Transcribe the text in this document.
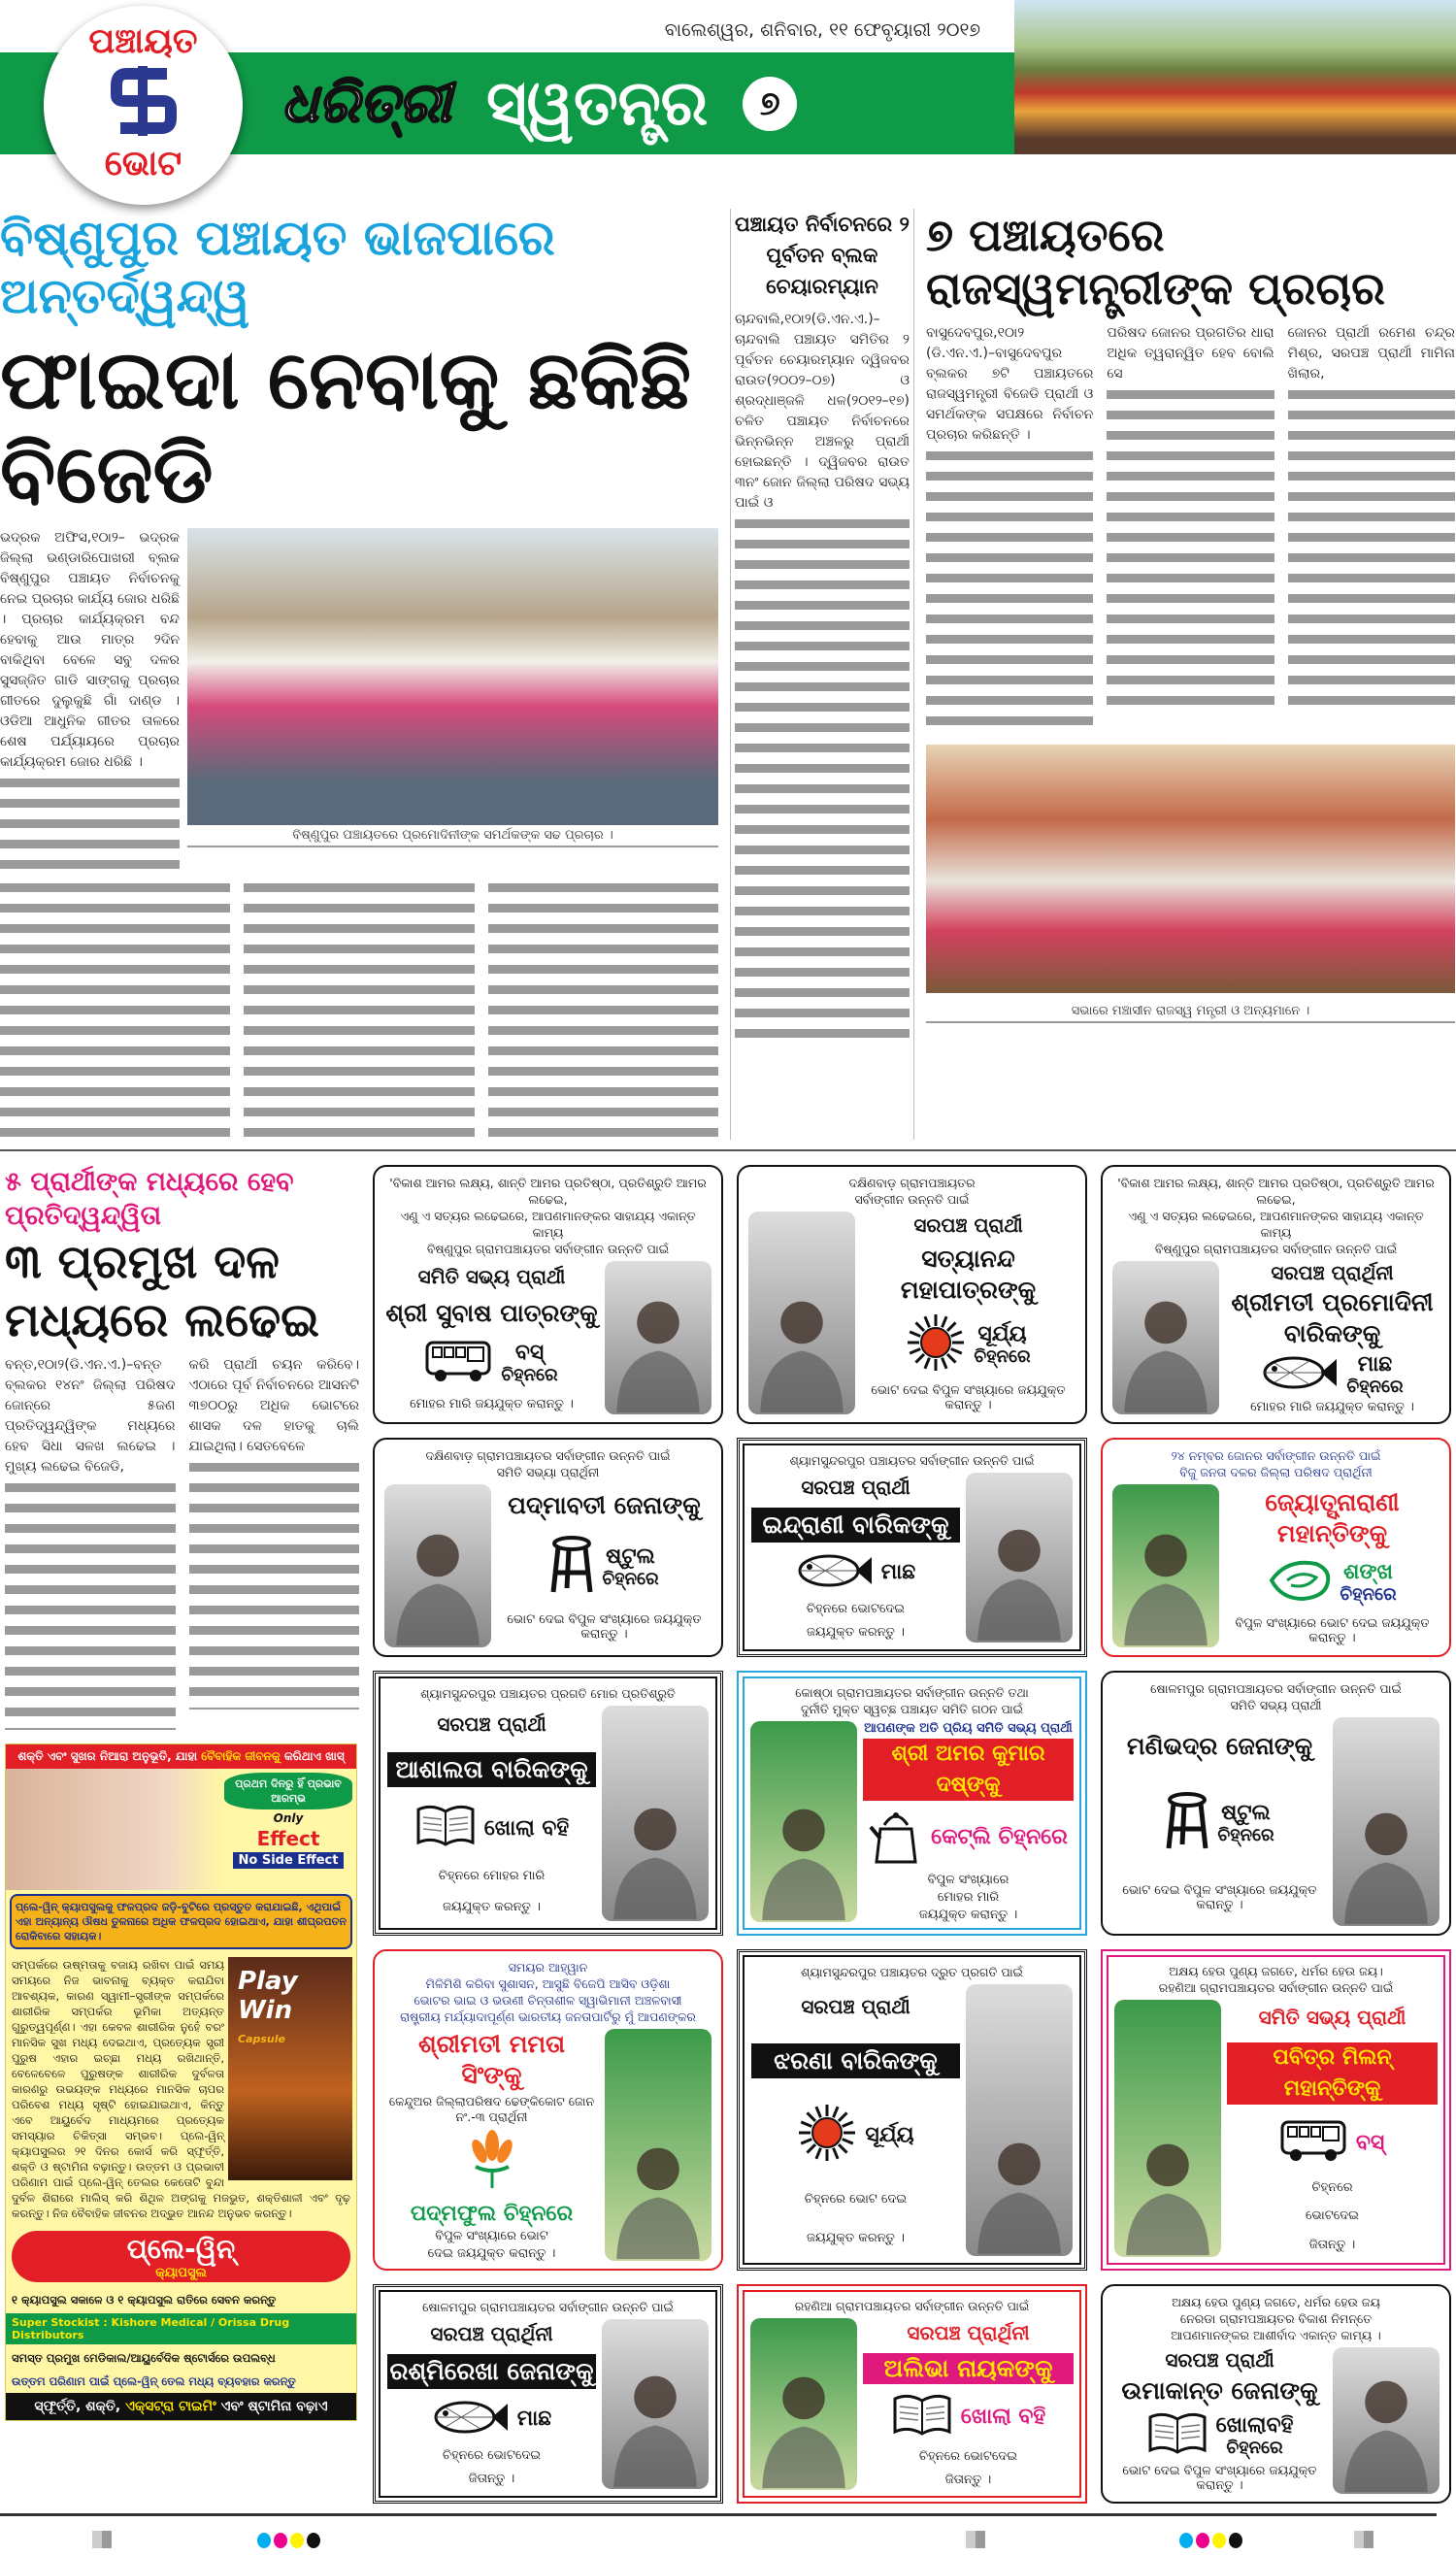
ବାଲେଶ୍ୱର, ଶନିବାର, ୧୧ ଫେବୃୟାରୀ ୨୦୧୭
ଧରିତ୍ରୀ ସ୍ୱତନ୍ତ୍ର	୭
ପଞ୍ଚାୟତ
ଭୋଟ
ବିଷ୍ଣୁପୁର ପଞ୍ଚାୟତ ଭାଜପାରେ ଅନ୍ତର୍ଦ୍ୱନ୍ଦ୍ୱ
ଫାଇଦା ନେବାକୁ ଛକିଛି ବିଜେଡି
ଭଦ୍ରକ ଅଫିସ,୧୦ା୨– ଭଦ୍ରକ ଜିଲ୍ଲା ଭଣ୍ଡାରିପୋଖରୀ ବ୍ଲକ ବିଷ୍ଣୁପୁର ପଞ୍ଚାୟତ ନିର୍ବାଚନକୁ ନେଇ ପ୍ରଚାର କାର୍ଯ୍ୟ ଜୋର ଧରିଛି । ପ୍ରଚାର କାର୍ଯ୍ୟକ୍ରମ ବନ୍ଦ ହେବାକୁ ଆଉ ମାତ୍ର ୨ଦିନ ବାକିଥିବା ବେଳେ ସବୁ ଦଳର ସୁସଜ୍ଜିତ ଗାଡି ସାଙ୍ଗକୁ ପ୍ରଚାର ଗୀତରେ ଦୁଲୁକୁଛି ଗାଁ ଦାଣ୍ଡ । ଓଡିଆ ଆଧୁନିକ ଗୀତର ତାଳରେ ଶେଷ ପର୍ଯ୍ୟାୟରେ ପ୍ରଚାର କାର୍ଯ୍ୟକ୍ରମ ଜୋର ଧରିଛି ।
ବିଷ୍ଣୁପୁର ପଞ୍ଚାୟତରେ ପ୍ରମୋଦିନୀଙ୍କ ସମର୍ଥକଙ୍କ ସଢ ପ୍ରଚାର ।
ପଞ୍ଚାୟତ ନିର୍ବାଚନରେ ୨
ପୂର୍ବତନ ବ୍ଲକ ଚେୟାରମ୍ୟାନ
ଚାନ୍ଦବାଲି,୧୦ା୨(ଡି.ଏନ.ଏ.)– ଚାନ୍ଦବାଲି ପଞ୍ଚାୟତ ସମିତିର ୨ ପୂର୍ବତନ ଚେୟାରମ୍ୟାନ ଦ୍ୱିଜବର ରାଉତ(୨୦୦୨–୦୭) ଓ ଶ୍ରଦ୍ଧାଞ୍ଜଳି ଧଳ(୨୦୧୨–୧୭) ଚଳିତ ପଞ୍ଚାୟତ ନିର୍ବାଚନରେ ଭିନ୍ନଭିନ୍ନ ଅଞ୍ଚଳରୁ ପ୍ରାର୍ଥୀ ହୋଇଛନ୍ତି । ଦ୍ୱିଜବର ରାଉତ ୩ନଂ ଜୋନ ଜିଲ୍ଲା ପରିଷଦ ସଭ୍ୟ ପାଇଁ ଓ
୭ ପଞ୍ଚାୟତରେ ରାଜସ୍ୱମନ୍ତ୍ରୀଙ୍କ ପ୍ରଚାର
ବାସୁଦେବପୁର,୧୦ା୨ (ଡି.ଏନ.ଏ.)–ବାସୁଦେବପୁର ବ୍ଲକର ୭ଟି ପଞ୍ଚାୟତରେ ରାଜସ୍ୱମନ୍ତ୍ରୀ ବିଜେଡି ପ୍ରାର୍ଥୀ ଓ ସମର୍ଥକଙ୍କ ସପକ୍ଷରେ ନିର୍ବାଚନ ପ୍ରଚାର କରିଛନ୍ତି ।
ପରିଷଦ ଜୋନର ପ୍ରଗତିର ଧାରା ଅଧିକ ତ୍ୱରାନ୍ୱିତ ହେବ ବୋଲି ସେ
ଜୋନର ପ୍ରାର୍ଥୀ ରମେଶ ଚନ୍ଦ୍ର ମିଶ୍ର, ସରପଞ୍ଚ ପ୍ରାର୍ଥୀ ମାମିନା ଖିଲାର,
ସଭାରେ ମଞ୍ଚାସୀନ ରାଜସ୍ୱ ମନ୍ତ୍ରୀ ଓ ଅନ୍ୟମାନେ ।
୫ ପ୍ରାର୍ଥୀଙ୍କ ମଧ୍ୟରେ ହେବ ପ୍ରତିଦ୍ୱନ୍ଦ୍ୱିତା
୩ ପ୍ରମୁଖ ଦଳ ମଧ୍ୟରେ ଲଢେଇ
ବନ୍ତ,୧୦ା୨(ଡି.ଏନ.ଏ.)–ବନ୍ତ ବ୍ଲକର ୧୪ନଂ ଜିଲ୍ଲା ପରିଷଦ ଜୋନ୍‌ରେ ୫ଜଣ ପ୍ରତିଦ୍ୱନ୍ଦ୍ୱିଙ୍କ ମଧ୍ୟରେ ହେବ ସିଧା ସଳଖ ଲଢେଇ । ମୁଖ୍ୟ ଲଢେଇ ବିଜେଡି,
କରି ପ୍ରାର୍ଥୀ ଚୟନ କରିବେ। ଏଠାରେ ପୂର୍ବ ନିର୍ବାଚନରେ ଆସନଟି ୩୭୦୦ରୁ ଅଧିକ ଭୋଟରେ ଶାସକ ଦଳ ହାତକୁ ଚାଲି ଯାଇଥିଲା। ସେତବେଳେ
ଶକ୍ତି ଏବଂ ସୁଖର ନିଆରା ଅନୁଭୂତି, ଯାହା ବୈବାହିକ ଜୀବନକୁ କରିଥାଏ ଖାସ୍
ପ୍ରଥମ ଦିନରୁ ହିଁ ପ୍ରଭାବ ଆରମ୍ଭ
Only
Effect
No Side Effect
ପ୍ଲେ-ୱିନ୍ କ୍ୟାପସୁଲକୁ ଫଳପ୍ରଦ ଜଡ଼ି-ବୁଟିରେ ପ୍ରସ୍ତୁତ କରାଯାଇଛି, ଏଥିପାଇଁ ଏହା ଅନ୍ୟାନ୍ୟ ଔଷଧ ତୁଳନାରେ ଅଧିକ ଫଳପ୍ରଦ ହୋଇଥାଏ, ଯାହା ଶୀଘ୍ରପତନ ରୋକିବାରେ ସହାୟକ।
Play Win
Capsule
ସମ୍ପର୍କରେ ଉଷ୍ମତାକୁ ବଜାୟ ରଖିବା ପାଇଁ ସମୟ ସମୟରେ ନିଜ ଭାବନାକୁ ବ୍ୟକ୍ତ କରାଯିବା ଆବଶ୍ୟକ, କାରଣ ସ୍ୱାମୀ–ସ୍ତ୍ରୀଙ୍କ ସମ୍ପର୍କରେ ଶାରୀରିକ ସମ୍ପର୍କର ଭୂମିକା ଅତ୍ୟନ୍ତ ଗୁରୁତ୍ୱପୂର୍ଣ୍ଣ। ଏହା କେବଳ ଶାରୀରିକ ନୁହେଁ ବରଂ ମାନସିକ ସୁଖ ମଧ୍ୟ ଦେଇଥାଏ, ପ୍ରତ୍ୟେକ ସ୍ତ୍ରୀ ପୁରୁଷ ଏହାର ଇଚ୍ଛା ମଧ୍ୟ ରଖିଥାନ୍ତି, ବେଳେବେଳେ ପୁରୁଷଙ୍କ ଶାରୀରିକ ଦୁର୍ବଳତା କାରଣରୁ ଉଭୟଙ୍କ ମଧ୍ୟରେ ମାନସିକ ଚାପର ପରିବେଶ ମଧ୍ୟ ସୃଷ୍ଟି ହୋଇଯାଇଥାଏ, କିନ୍ତୁ ଏବେ ଆୟୁର୍ବେଦ ମାଧ୍ୟମରେ ପ୍ରତ୍ୟେକ ସମସ୍ୟାର ଚିକିତ୍ସା ସମ୍ଭବ। ପ୍ଲେ-ୱିନ୍ କ୍ୟାପସୁଲର ୨୧ ଦିନର କୋର୍ସ କରି ସ୍ଫୂର୍ତ୍ତି, ଶକ୍ତି ଓ ଷ୍ଟାମିନା ବଢ଼ାନ୍ତୁ। ଉତ୍ତମ ଓ ପ୍ରଭାବୀ ପରିଣାମ ପାଇଁ ପ୍ଲେ-ୱିନ୍ ତେଲର କେତୋଟି ବୁନ୍ଦା ଦୁର୍ବଳ ଶିରାରେ ମାଲିସ୍ କରି ଶିଥିଳ ଅଙ୍ଗକୁ ମଜଭୁତ, ଶକ୍ତିଶାଳୀ ଏବଂ ଦୃଢ଼ କରନ୍ତୁ। ନିଜ ବୈବାହିକ ଜୀବନର ଅଦ୍ଭୁତ ଆନନ୍ଦ ଅନୁଭବ କରନ୍ତୁ।
ପ୍ଲେ-ୱିନ୍
କ୍ୟାପସୁଲ
୧ କ୍ୟାପସୁଲ ସକାଳେ ଓ ୧ କ୍ୟାପସୁଲ ରାତିରେ ସେବନ କରନ୍ତୁ
Super Stockist : Kishore Medical / Orissa Drug Distributors
ସମସ୍ତ ପ୍ରମୁଖ ମେଡିକାଲ/ଆୟୁର୍ବେଦିକ ଷ୍ଟୋର୍ସରେ ଉପଲବ୍ଧ
ଉତ୍ତମ ପରିଣାମ ପାଇଁ ପ୍ଲେ-ୱିନ୍ ତେଲ ମଧ୍ୟ ବ୍ୟବହାର କରନ୍ତୁ
ସ୍ଫୂର୍ତ୍ତି, ଶକ୍ତି, ଏକ୍ସଟ୍ରା ଟାଇମିଂ ଏବଂ ଷ୍ଟାମିନା ବଢ଼ାଏ
'ବିକାଶ ଆମର ଲକ୍ଷ୍ୟ, ଶାନ୍ତି ଆମର ପ୍ରତିଷ୍ଠା, ପ୍ରତିଶ୍ରୁତି ଆମର ଲଢେଇ,
ଏଣୁ ଏ ସତ୍ୟର ଲଢେଇରେ, ଆପଣମାନଙ୍କର ସାହାଯ୍ୟ ଏକାନ୍ତ କାମ୍ୟ
ବିଷ୍ଣୁପୁର ଗ୍ରାମପଞ୍ଚାୟତର ସର୍ବାଙ୍ଗୀନ ଉନ୍ନତି ପାଇଁ
ସମିତି ସଭ୍ୟ ପ୍ରାର୍ଥୀ
ଶ୍ରୀ ସୁବାଷ ପାତ୍ରଙ୍କୁ
ବସ୍
ଚିହ୍ନରେ
ମୋହର ମାରି ଜୟଯୁକ୍ତ କରାନ୍ତୁ ।
ଦକ୍ଷିଣବାଡ଼ ଗ୍ରାମପଞ୍ଚାୟତର
ସର୍ବାଙ୍ଗୀନ ଉନ୍ନତି ପାଇଁ
ସରପଞ୍ଚ ପ୍ରାର୍ଥୀ
ସତ୍ୟାନନ୍ଦ ମହାପାତ୍ରଙ୍କୁ
ସୂର୍ଯ୍ୟ
ଚିହ୍ନରେ
ଭୋଟ ଦେଇ ବିପୁଳ ସଂଖ୍ୟାରେ ଜୟଯୁକ୍ତ କରାନ୍ତୁ ।
'ବିକାଶ ଆମର ଲକ୍ଷ୍ୟ, ଶାନ୍ତି ଆମର ପ୍ରତିଷ୍ଠା, ପ୍ରତିଶ୍ରୁତି ଆମର ଲଢେଇ,
ଏଣୁ ଏ ସତ୍ୟର ଲଢେଇରେ, ଆପଣମାନଙ୍କର ସାହାଯ୍ୟ ଏକାନ୍ତ କାମ୍ୟ
ବିଷ୍ଣୁପୁର ଗ୍ରାମପଞ୍ଚାୟତର ସର୍ବାଙ୍ଗୀନ ଉନ୍ନତି ପାଇଁ
ସରପଞ୍ଚ ପ୍ରାର୍ଥିନୀ
ଶ୍ରୀମତୀ ପ୍ରମୋଦିନୀ ବାରିକଙ୍କୁ
ମାଛ
ଚିହ୍ନରେ
ମୋହର ମାରି ଜୟଯୁକ୍ତ କରାନ୍ତୁ ।
ଦକ୍ଷିଣବାଡ଼ ଗ୍ରାମପଞ୍ଚାୟତର ସର୍ବାଙ୍ଗୀନ ଉନ୍ନତି ପାଇଁ
ସମିତି ସଭ୍ୟା ପ୍ରାର୍ଥିନୀ
ପଦ୍ମାବତୀ ଜେନାଙ୍କୁ
ଷ୍ଟୁଲ
ଚିହ୍ନରେ
ଭୋଟ ଦେଇ ବିପୁଳ ସଂଖ୍ୟାରେ ଜୟଯୁକ୍ତ କରାନ୍ତୁ ।
ଶ୍ୟାମସୁନ୍ଦରପୁର ପଞ୍ଚାୟତର ସର୍ବାଙ୍ଗୀନ ଉନ୍ନତି ପାଇଁ
ସରପଞ୍ଚ ପ୍ରାର୍ଥୀ
ଇନ୍ଦ୍ରାଣୀ ବାରିକଙ୍କୁ
ମାଛ
ଚିହ୍ନରେ ଭୋଟଦେଇ
ଜୟଯୁକ୍ତ କରନ୍ତୁ ।
୨୪ ନମ୍ବର ଜୋନର ସର୍ବାଙ୍ଗୀନ ଉନ୍ନତି ପାଇଁ
ବିଜୁ ଜନତା ଦଳର ଜିଲ୍ଲା ପରିଷଦ ପ୍ରାର୍ଥିନୀ
ଜ୍ୟୋତ୍ସ୍ନାରାଣୀ ମହାନ୍ତିଙ୍କୁ
ଶଙ୍ଖ
ଚିହ୍ନରେ
ବିପୁଳ ସଂଖ୍ୟାରେ ଭୋଟ ଦେଇ ଜୟଯୁକ୍ତ କରାନ୍ତୁ ।
ଶ୍ୟାମସୁନ୍ଦରପୁର ପଞ୍ଚାୟତର ପ୍ରଗତି ମୋର ପ୍ରତିଶ୍ରୁତି
ସରପଞ୍ଚ ପ୍ରାର୍ଥୀ
ଆଶାଲତା ବାରିକଙ୍କୁ
ଖୋଲା ବହି
ଚିହ୍ନରେ ମୋହର ମାରି
ଜୟଯୁକ୍ତ କରନ୍ତୁ ।
କୋଷ୍ଠା ଗ୍ରାମପଞ୍ଚାୟତର ସର୍ବାଙ୍ଗୀନ ଉନ୍ନତି ତଥା
ଦୁର୍ନୀତି ମୁକ୍ତ ସ୍ୱଚ୍ଛ ପଞ୍ଚାୟତ ସମିତି ଗଠନ ପାଇଁ
ଆପଣଙ୍କ ଅତି ପ୍ରିୟ ସମିତି ସଭ୍ୟ ପ୍ରାର୍ଥୀ
ଶ୍ରୀ ଅମର କୁମାର ଦଷ୍ଙ୍କୁ
କେଟ୍‌ଲି ଚିହ୍ନରେ
ବିପୁଳ ସଂଖ୍ୟାରେ
ମୋହର ମାରି
ଜୟଯୁକ୍ତ କରାନ୍ତୁ ।
ଷୋଳମପୁର ଗ୍ରାମପଞ୍ଚାୟତର ସର୍ବାଙ୍ଗୀନ ଉନ୍ନତି ପାଇଁ
ସମିତି ସଭ୍ୟ ପ୍ରାର୍ଥୀ
ମଣିଭଦ୍ର ଜେନାଙ୍କୁ
ଷ୍ଟୁଲ
ଚିହ୍ନରେ
ଭୋଟ ଦେଇ ବିପୁଳ ସଂଖ୍ୟାରେ ଜୟଯୁକ୍ତ କରାନ୍ତୁ ।
ସମୟର ଆହ୍ୱାନ
ମିଳିମିଶି କରିବା ସୁଶାସନ, ଆସୁଛି ବିଜେପି ଆସିବ ଓଡ଼ିଶା
ଭୋଟର ଭାଇ ଓ ଭଉଣୀ ଚିନ୍ତାଶୀଳ ସ୍ୱାଭିମାନୀ ଅଞ୍ଚଳବାସୀ
ରାଷ୍ଟ୍ରୀୟ ମର୍ଯ୍ୟାଦାପୂର୍ଣ୍ଣ ଭାରତୀୟ ଜନତାପାର୍ଟିରୁ ମୁଁ ଆପଣଙ୍କର
ଶ୍ରୀମତୀ ମମତା ସିଂଙ୍କୁ
କେନ୍ଦୁଅର ଜିଲ୍ଲାପରିଷଦ ଢେଙ୍କିକୋଟ ଜୋନ ନଂ.-୩ ପ୍ରାର୍ଥିନୀ
ପଦ୍ମଫୁଲ ଚିହ୍ନରେ
ବିପୁଳ ସଂଖ୍ୟାରେ ଭୋଟ
ଦେଇ ଜୟଯୁକ୍ତ କରାନ୍ତୁ ।
ଶ୍ୟାମସୁନ୍ଦରପୁର ପଞ୍ଚାୟତର ଦ୍ରୁତ ପ୍ରଗତି ପାଇଁ
ସରପଞ୍ଚ ପ୍ରାର୍ଥୀ
ଝରଣା ବାରିକଙ୍କୁ
ସୂର୍ଯ୍ୟ
ଚିହ୍ନରେ ଭୋଟ ଦେଇ
ଜୟଯୁକ୍ତ କରନ୍ତୁ ।
ଅକ୍ଷୟ ହେଉ ପୁଣ୍ୟ ଜଗତେ, ଧର୍ମର ହେଉ ଜୟ।
ରହଣିଆ ଗ୍ରାମପଞ୍ଚାୟତର ସର୍ବାଙ୍ଗୀନ ଉନ୍ନତି ପାଇଁ
ସମିତି ସଭ୍ୟ ପ୍ରାର୍ଥୀ
ପବିତ୍ର ମିଲନ୍ ମହାନ୍ତିଙ୍କୁ
ବସ୍
ଚିହ୍ନରେ
ଭୋଟଦେଇ
ଜିତାନ୍ତୁ ।
ଷୋଳମପୁର ଗ୍ରାମପଞ୍ଚାୟତର ସର୍ବାଙ୍ଗୀନ ଉନ୍ନତି ପାଇଁ
ସରପଞ୍ଚ ପ୍ରାର୍ଥିନୀ
ରଶ୍ମିରେଖା ଜେନାଙ୍କୁ
ମାଛ
ଚିହ୍ନରେ ଭୋଟଦେଇ
ଜିତାନ୍ତୁ ।
ରହଣିଆ ଗ୍ରାମପଞ୍ଚାୟତର ସର୍ବାଙ୍ଗୀନ ଉନ୍ନତି ପାଇଁ
ସରପଞ୍ଚ ପ୍ରାର୍ଥିନୀ
ଅଲିଭା ନାୟକଙ୍କୁ
ଖୋଲା ବହି
ଚିହ୍ନରେ ଭୋଟଦେଇ
ଜିତାନ୍ତୁ ।
ଅକ୍ଷୟ ହେଉ ପୁଣ୍ୟ ଜଗତେ, ଧର୍ମର ହେଉ ଜୟ
ନେରଡା ଗ୍ରାମପଞ୍ଚାୟତର ବିକାଶ ନିମନ୍ତେ
ଆପଣମାନଙ୍କର ଆଶୀର୍ବାଦ ଏକାନ୍ତ କାମ୍ୟ ।
ସରପଞ୍ଚ ପ୍ରାର୍ଥୀ
ଉମାକାନ୍ତ ଜେନାଙ୍କୁ
ଖୋଲାବହି
ଚିହ୍ନରେ
ଭୋଟ ଦେଇ ବିପୁଳ ସଂଖ୍ୟାରେ ଜୟଯୁକ୍ତ କରାନ୍ତୁ ।
